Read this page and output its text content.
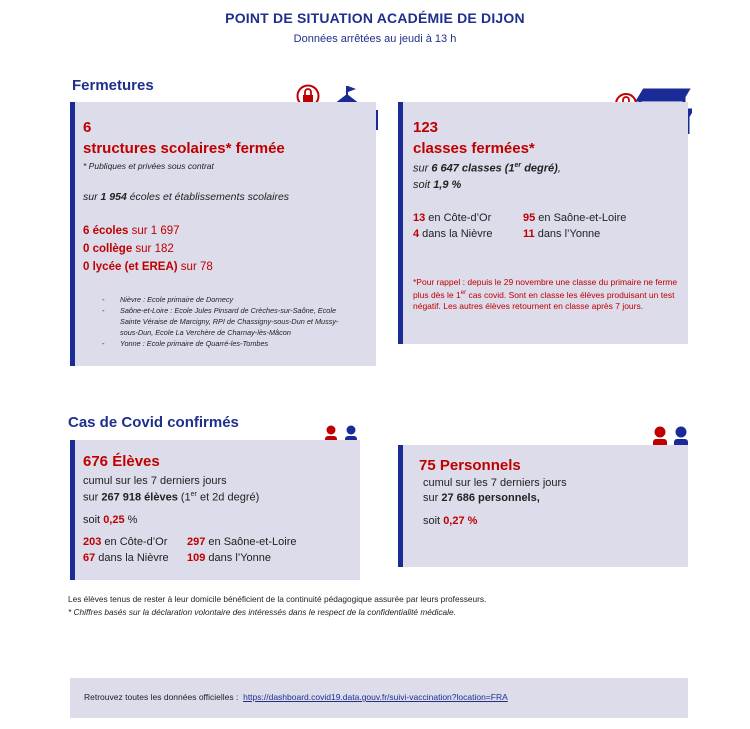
POINT DE SITUATION ACADÉMIE DE DIJON
Données arrêtées au jeudi à 13 h
Fermetures
6
structures scolaires* fermée
* Publiques et privées sous contrat
sur 1 954 écoles et établissements scolaires
6 écoles sur 1 697
0 collège sur 182
0 lycée (et EREA) sur 78
- Nièvre : Ecole primaire de Dornecy
- Saône-et-Loire : Ecole Jules Pinsard de Crèches-sur-Saône, Ecole Sainte Véraise de Marcigny, RPI de Chassigny-sous-Dun et Mussy-sous-Dun, Ecole La Verchère de Charnay-lès-Mâcon
- Yonne : Ecole primaire de Quarré-les-Tombes
123
classes fermées*
sur 6 647 classes (1er degré),
soit 1,9 %
13 en Côte-d’Or	95 en Saône-et-Loire
4 dans la Nièvre	11 dans l’Yonne
*Pour rappel : depuis le 29 novembre une classe du primaire ne ferme plus dès le 1er cas covid. Sont en classe les élèves produisant un test négatif. Les autres élèves retournent en classe après 7 jours.
Cas de Covid confirmés
676 Élèves
cumul sur les 7 derniers jours
sur 267 918 élèves (1er et 2d degré)
soit 0,25 %
203 en Côte-d’Or 297 en Saône-et-Loire
67 dans la Nièvre 109 dans l’Yonne
75 Personnels
cumul sur les 7 derniers jours
sur 27 686 personnels,
soit 0,27 %
Les élèves tenus de rester à leur domicile bénéficient de la continuité pédagogique assurée par leurs professeurs.
* Chiffres basés sur la déclaration volontaire des intéressés dans le respect de la confidentialité médicale.
Retrouvez toutes les données officielles : https://dashboard.covid19.data.gouv.fr/suivi-vaccination?location=FRA
